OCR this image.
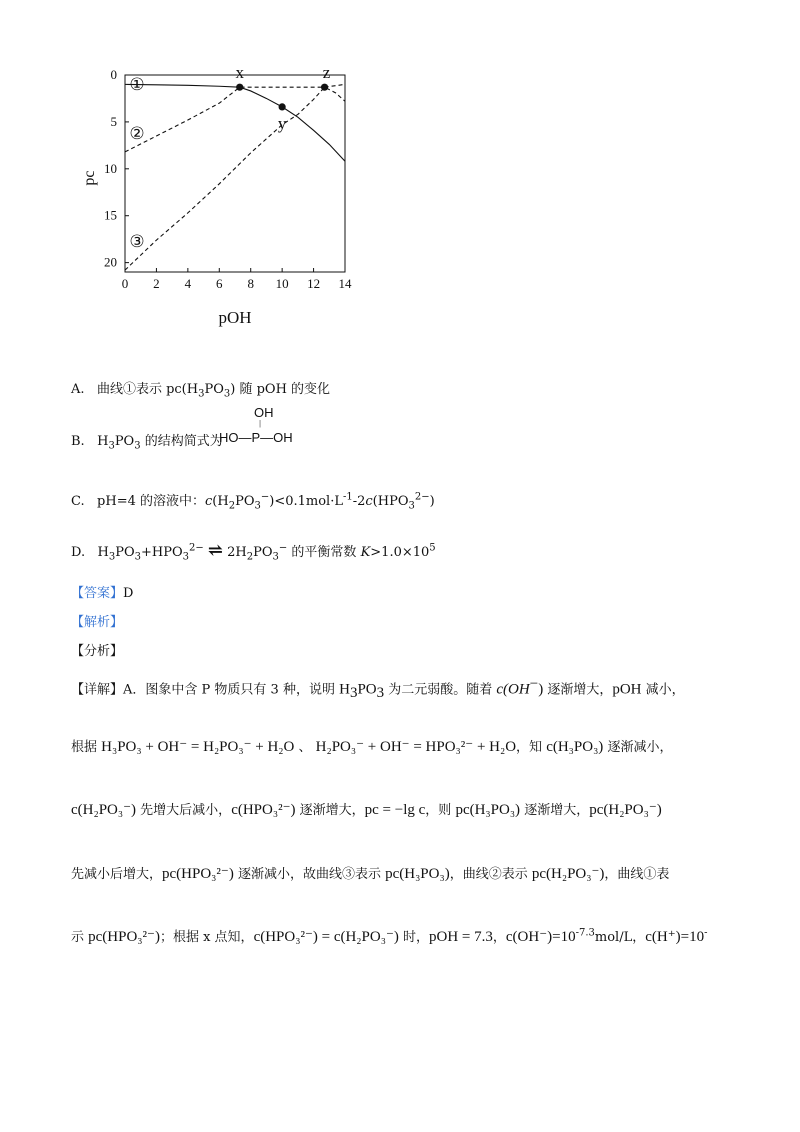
0 2 4 6 8 10 12 14
0
5
10
15
20
x
y
z
pOH
pc
①
②
③
A. 曲线①表示 $pc(H_3PO_3)$ 随 pOH 的变化
B. $H_3PO_3$ 的结构简式为
OH
|
HO—P—OH
C. pH=4 的溶液中：$c(H_2PO_3^-)<0.1mol\cdot L^{-1}-2c(HPO_3^{2-})$
D. $H_3PO_3+HPO_3^{2-}$ ⇌ $2H_2PO_3^-$ 的平衡常数 $K>1.0\times 10^5$
【答案】D
【解析】
【分析】
【详解】A．图象中含 P 物质只有 3 种，说明 $H_3PO_3$ 为二元弱酸。随着 c(OH−) 逐渐增大，pOH 减小，
根据 H₃PO₃ + OH⁻ = H₂PO₃⁻ + H₂O 、 H₂PO₃⁻ + OH⁻ = HPO₃²⁻ + H₂O，知 c(H₃PO₃) 逐渐减小，
c(H₂PO₃⁻) 先增大后减小，c(HPO₃²⁻) 逐渐增大，pc = −lg c，则 pc(H₃PO₃) 逐渐增大，pc(H₂PO₃⁻)
先减小后增大，pc(HPO₃²⁻) 逐渐减小，故曲线③表示 pc(H₃PO₃)，曲线②表示 pc(H₂PO₃⁻)，曲线①表
示 pc(HPO₃²⁻)；根据 x 点知，c(HPO₃²⁻) = c(H₂PO₃⁻) 时，pOH = 7.3，$c(OH^-)=10^{-7.3}mol/L$，c(H⁺)=10-
